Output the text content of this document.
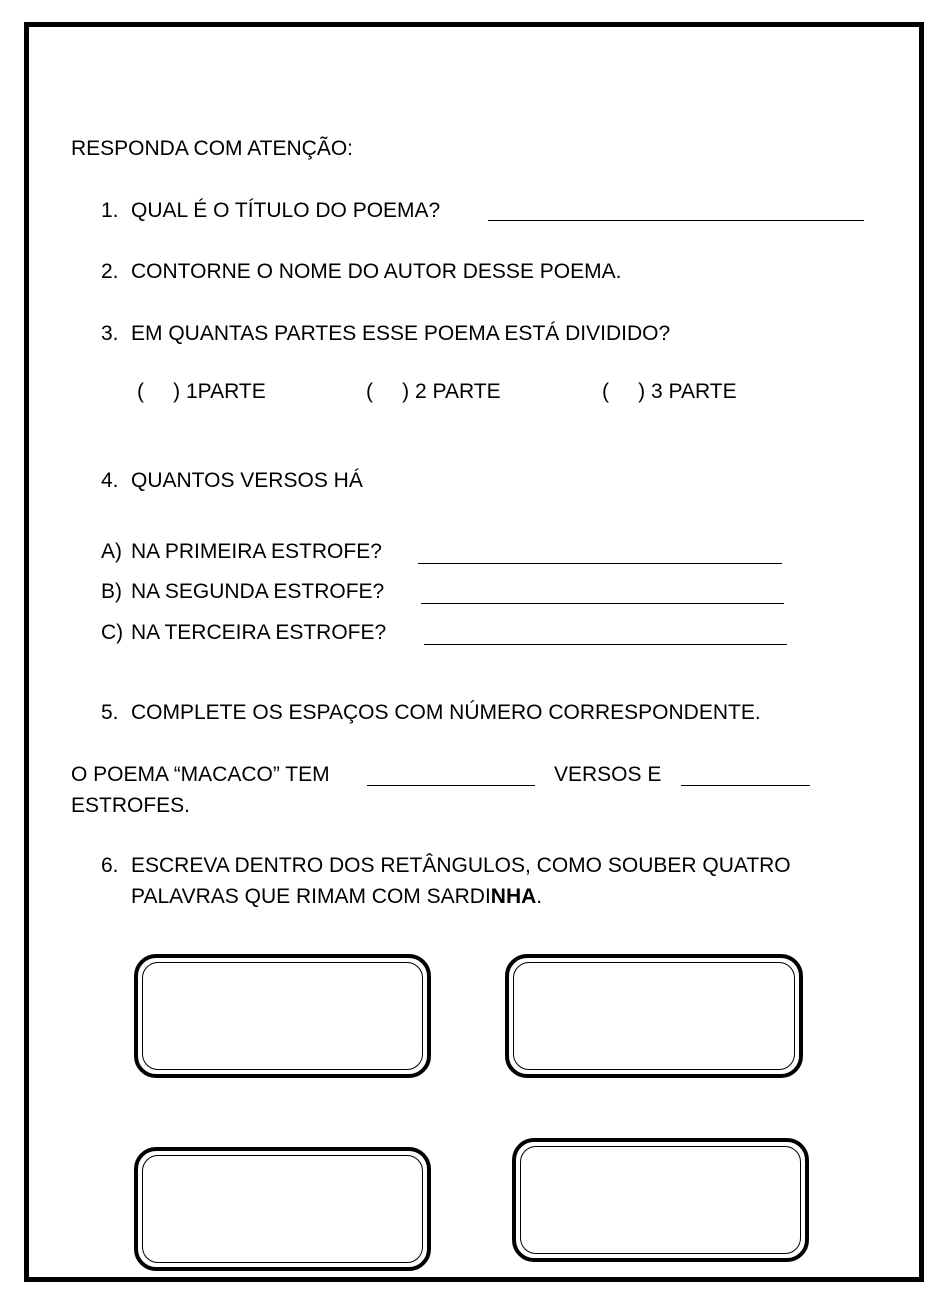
RESPONDA COM ATENÇÃO:
1. QUAL É O TÍTULO DO POEMA?
2. CONTORNE O NOME DO AUTOR DESSE POEMA.
3. EM QUANTAS PARTES ESSE POEMA ESTÁ DIVIDIDO?
(     ) 1PARTE	(     ) 2 PARTE	(     ) 3 PARTE
4. QUANTOS VERSOS HÁ
A) NA PRIMEIRA ESTROFE?
B) NA SEGUNDA ESTROFE?
C) NA TERCEIRA ESTROFE?
5. COMPLETE OS ESPAÇOS COM NÚMERO CORRESPONDENTE.
O POEMA “MACACO” TEM	VERSOS E
ESTROFES.
6. ESCREVA DENTRO DOS RETÂNGULOS, COMO SOUBER QUATRO
PALAVRAS QUE RIMAM COM SARDINHA.
